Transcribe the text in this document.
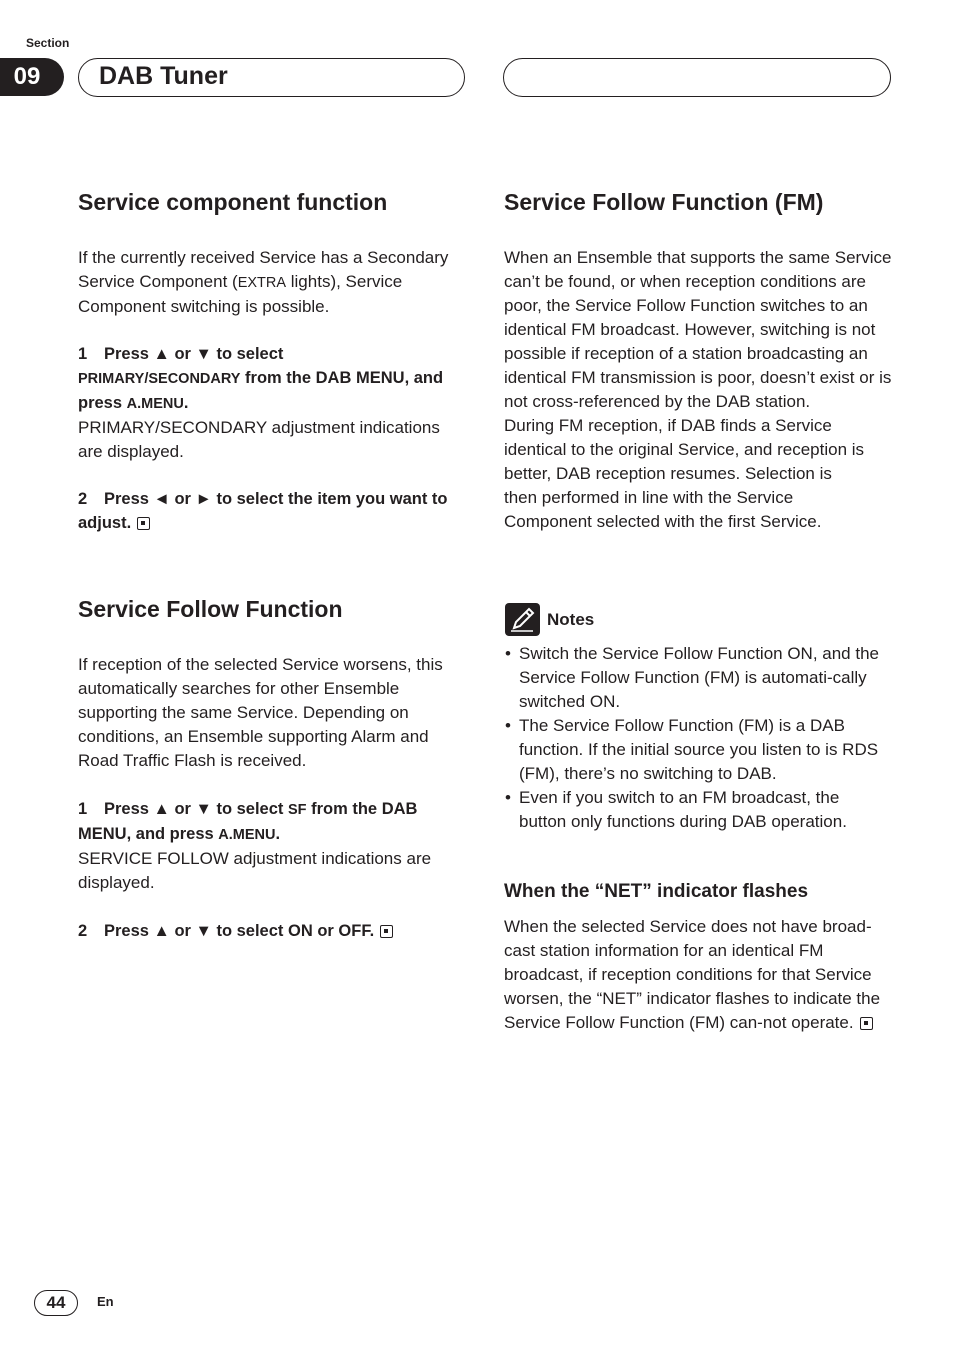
Section
09	DAB Tuner
Service component function

If the currently received Service has a Secondary Service Component (EXTRA lights), Service Component switching is possible.

1 Press ▲ or ▼ to select
PRIMARY/SECONDARY from the DAB MENU, and press A.MENU.

PRIMARY/SECONDARY adjustment indications are displayed.

2 Press ◄ or ► to select the item you want to adjust.
Service Follow Function

If reception of the selected Service worsens, this automatically searches for other Ensemble supporting the same Service. Depending on conditions, an Ensemble supporting Alarm and Road Traffic Flash is received.

1 Press ▲ or ▼ to select SF from the DAB MENU, and press A.MENU.

SERVICE FOLLOW adjustment indications are displayed.

2 Press ▲ or ▼ to select ON or OFF.
Service Follow Function (FM)

When an Ensemble that supports the same Service can’t be found, or when reception conditions are poor, the Service Follow Function switches to an identical FM broadcast. However, switching is not possible if reception of a station broadcasting an identical FM transmission is poor, doesn’t exist or is not cross-referenced by the DAB station.

During FM reception, if DAB finds a Service identical to the original Service, and reception is better, DAB reception resumes. Selection is then performed in line with the Service Component selected with the first Service.

Notes
• Switch the Service Follow Function ON, and the Service Follow Function (FM) is automati-cally switched ON.
• The Service Follow Function (FM) is a DAB function. If the initial source you listen to is RDS (FM), there’s no switching to DAB.
• Even if you switch to an FM broadcast, the button only functions during DAB operation.
When the “NET” indicator flashes

When the selected Service does not have broad-cast station information for an identical FM broadcast, if reception conditions for that Service worsen, the “NET” indicator flashes to indicate the Service Follow Function (FM) can-not operate.

44	En
